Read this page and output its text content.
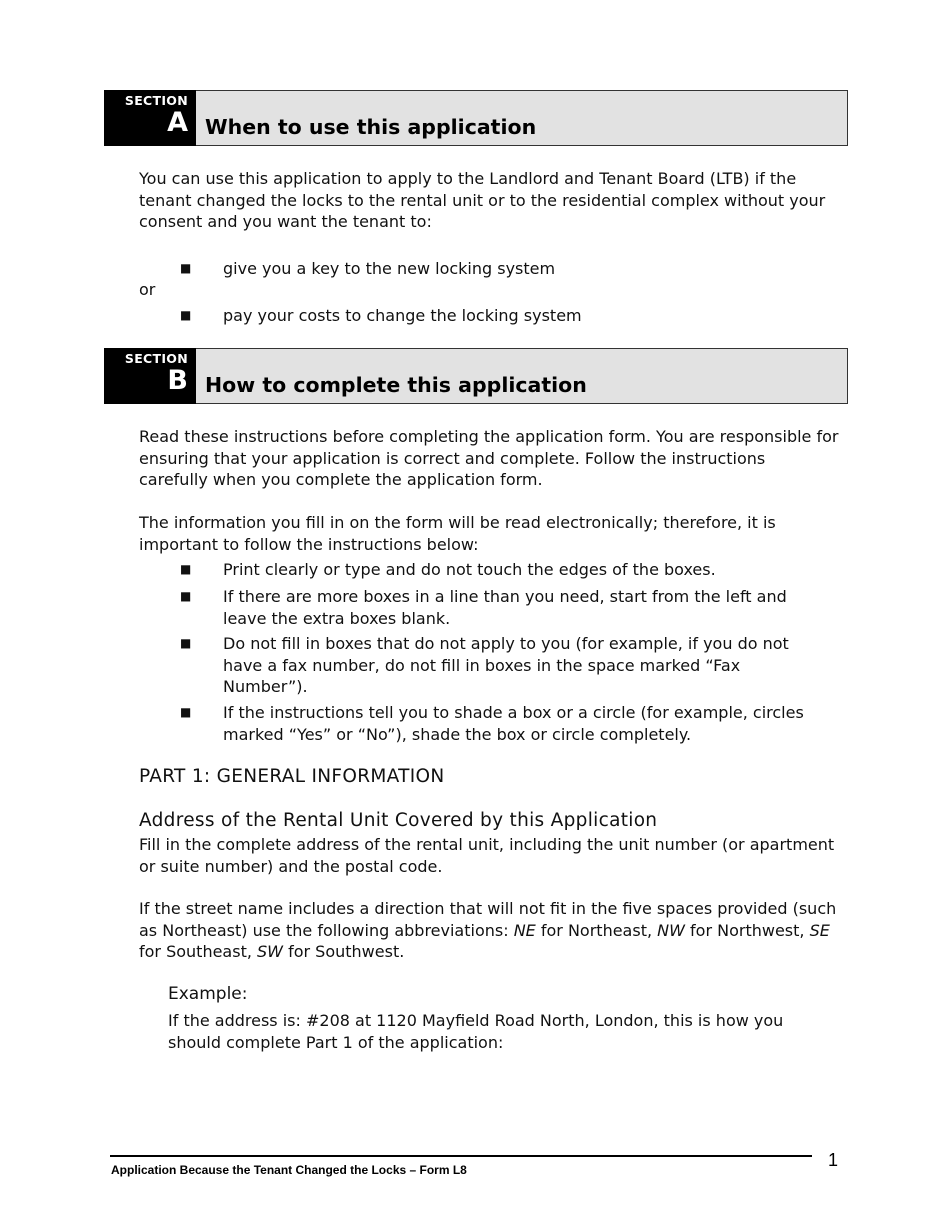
SECTION
A When to use this application

You can use this application to apply to the Landlord and Tenant Board (LTB) if the tenant changed the locks to the rental unit or to the residential complex without your consent and you want the tenant to:

■ give you a key to the new locking system

or

■ pay your costs to change the locking system
SECTION
B How to complete this application

Read these instructions before completing the application form. You are responsible for ensuring that your application is correct and complete. Follow the instructions carefully when you complete the application form.

The information you fill in on the form will be read electronically; therefore, it is important to follow the instructions below:

■ Print clearly or type and do not touch the edges of the boxes.
■ If there are more boxes in a line than you need, start from the left and leave the extra boxes blank.
■ Do not fill in boxes that do not apply to you (for example, if you do not have a fax number, do not fill in boxes in the space marked “Fax Number”).
■ If the instructions tell you to shade a box or a circle (for example, circles marked “Yes” or “No”), shade the box or circle completely.
PART 1: GENERAL INFORMATION
Address of the Rental Unit Covered by this Application

Fill in the complete address of the rental unit, including the unit number (or apartment or suite number) and the postal code.

If the street name includes a direction that will not fit in the five spaces provided (such as Northeast) use the following abbreviations: NE for Northeast, NW for Northwest, SE for Southeast, SW for Southwest.

Example:

If the address is: #208 at 1120 Mayfield Road North, London, this is how you should complete Part 1 of the application:

Application Because the Tenant Changed the Locks – Form L8	1
